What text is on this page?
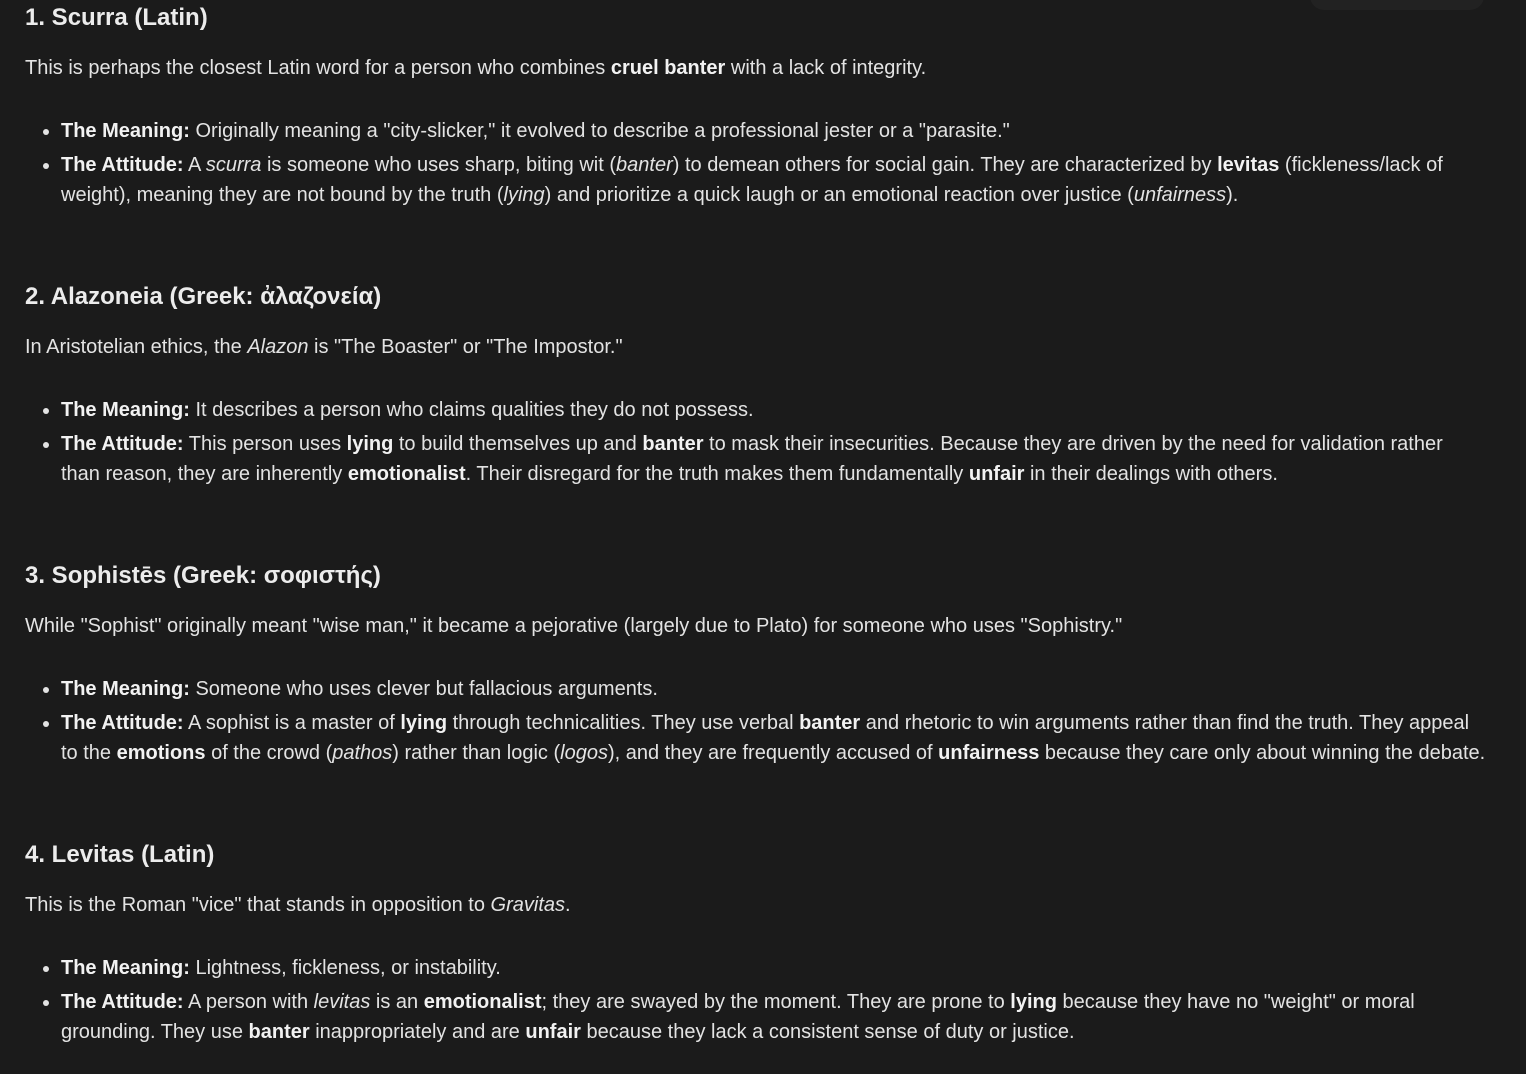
1. Scurra (Latin)

This is perhaps the closest Latin word for a person who combines cruel banter with a lack of integrity.

• The Meaning: Originally meaning a "city-slicker," it evolved to describe a professional jester or a "parasite."
• The Attitude: A scurra is someone who uses sharp, biting wit (banter) to demean others for social gain. They are characterized by levitas (fickleness/lack of weight), meaning they are not bound by the truth (lying) and prioritize a quick laugh or an emotional reaction over justice (unfairness).
2. Alazoneia (Greek: ἀλαζονεία)

In Aristotelian ethics, the Alazon is "The Boaster" or "The Impostor."

• The Meaning: It describes a person who claims qualities they do not possess.
• The Attitude: This person uses lying to build themselves up and banter to mask their insecurities. Because they are driven by the need for validation rather than reason, they are inherently emotionalist. Their disregard for the truth makes them fundamentally unfair in their dealings with others.
3. Sophistēs (Greek: σοφιστής)

While "Sophist" originally meant "wise man," it became a pejorative (largely due to Plato) for someone who uses "Sophistry."

• The Meaning: Someone who uses clever but fallacious arguments.
• The Attitude: A sophist is a master of lying through technicalities. They use verbal banter and rhetoric to win arguments rather than find the truth. They appeal to the emotions of the crowd (pathos) rather than logic (logos), and they are frequently accused of unfairness because they care only about winning the debate.
4. Levitas (Latin)

This is the Roman "vice" that stands in opposition to Gravitas.

• The Meaning: Lightness, fickleness, or instability.
• The Attitude: A person with levitas is an emotionalist; they are swayed by the moment. They are prone to lying because they have no "weight" or moral grounding. They use banter inappropriately and are unfair because they lack a consistent sense of duty or justice.
